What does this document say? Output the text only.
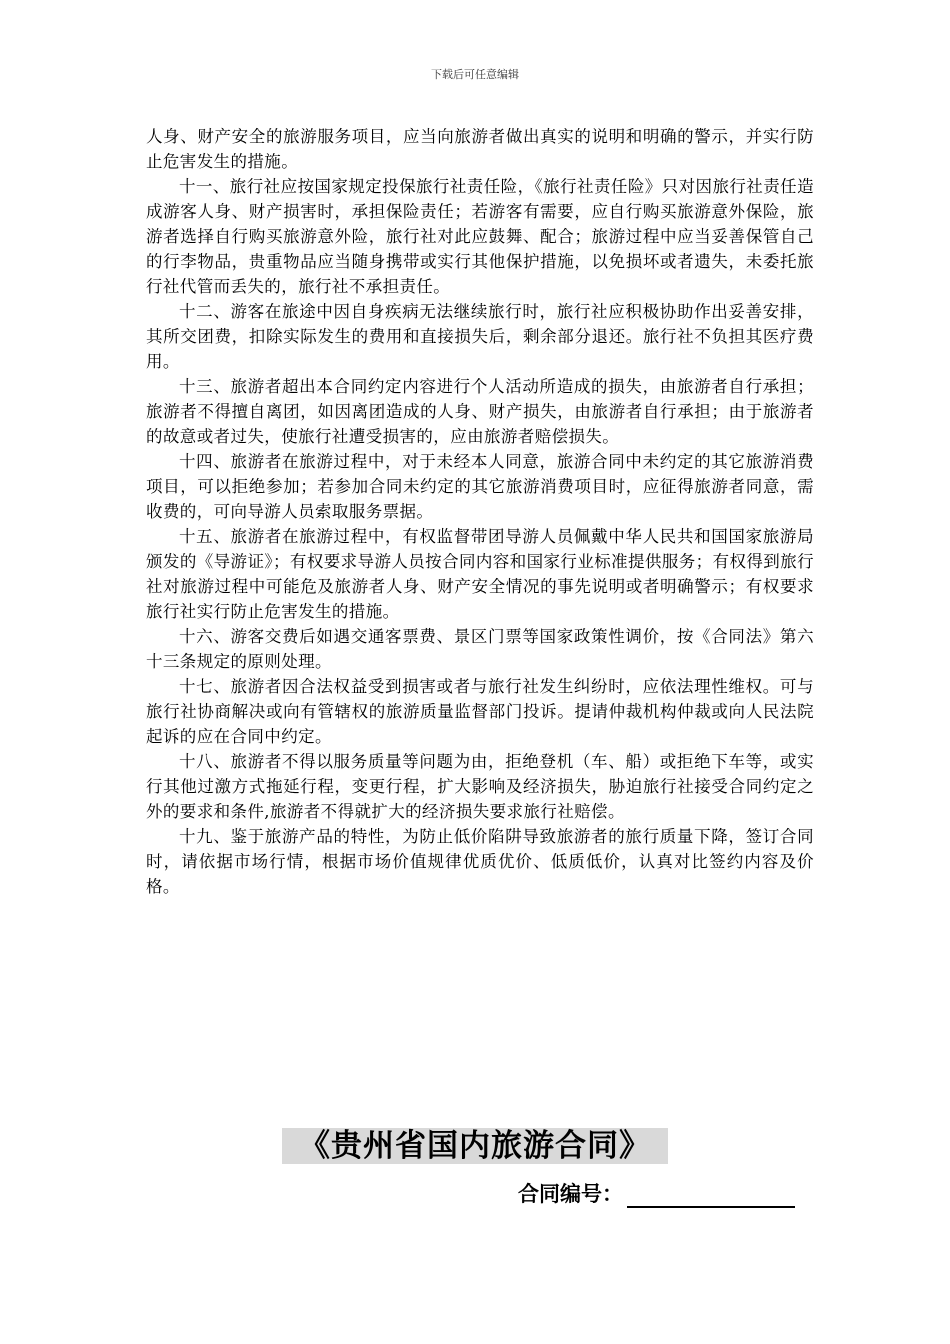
下载后可任意编辑

人身、财产安全的旅游服务项目，应当向旅游者做出真实的说明和明确的警示，并实行防止危害发生的措施。

十一、旅行社应按国家规定投保旅行社责任险，《旅行社责任险》只对因旅行社责任造成游客人身、财产损害时，承担保险责任；若游客有需要，应自行购买旅游意外保险，旅游者选择自行购买旅游意外险，旅行社对此应鼓舞、配合；旅游过程中应当妥善保管自己的行李物品，贵重物品应当随身携带或实行其他保护措施，以免损坏或者遗失，未委托旅行社代管而丢失的，旅行社不承担责任。

十二、游客在旅途中因自身疾病无法继续旅行时，旅行社应积极协助作出妥善安排，其所交团费，扣除实际发生的费用和直接损失后，剩余部分退还。旅行社不负担其医疗费用。

十三、旅游者超出本合同约定内容进行个人活动所造成的损失，由旅游者自行承担；旅游者不得擅自离团，如因离团造成的人身、财产损失，由旅游者自行承担；由于旅游者的故意或者过失，使旅行社遭受损害的，应由旅游者赔偿损失。

十四、旅游者在旅游过程中，对于未经本人同意，旅游合同中未约定的其它旅游消费项目，可以拒绝参加；若参加合同未约定的其它旅游消费项目时，应征得旅游者同意，需收费的，可向导游人员索取服务票据。

十五、旅游者在旅游过程中，有权监督带团导游人员佩戴中华人民共和国国家旅游局颁发的《导游证》；有权要求导游人员按合同内容和国家行业标准提供服务；有权得到旅行社对旅游过程中可能危及旅游者人身、财产安全情况的事先说明或者明确警示；有权要求旅行社实行防止危害发生的措施。

十六、游客交费后如遇交通客票费、景区门票等国家政策性调价，按《合同法》第六十三条规定的原则处理。

十七、旅游者因合法权益受到损害或者与旅行社发生纠纷时，应依法理性维权。可与旅行社协商解决或向有管辖权的旅游质量监督部门投诉。提请仲裁机构仲裁或向人民法院起诉的应在合同中约定。

十八、旅游者不得以服务质量等问题为由，拒绝登机（车、船）或拒绝下车等，或实行其他过激方式拖延行程，变更行程，扩大影响及经济损失，胁迫旅行社接受合同约定之外的要求和条件,旅游者不得就扩大的经济损失要求旅行社赔偿。

十九、鉴于旅游产品的特性，为防止低价陷阱导致旅游者的旅行质量下降，签订合同时，请依据市场行情，根据市场价值规律优质优价、低质低价，认真对比签约内容及价格。

《贵州省国内旅游合同》
合同编号：
